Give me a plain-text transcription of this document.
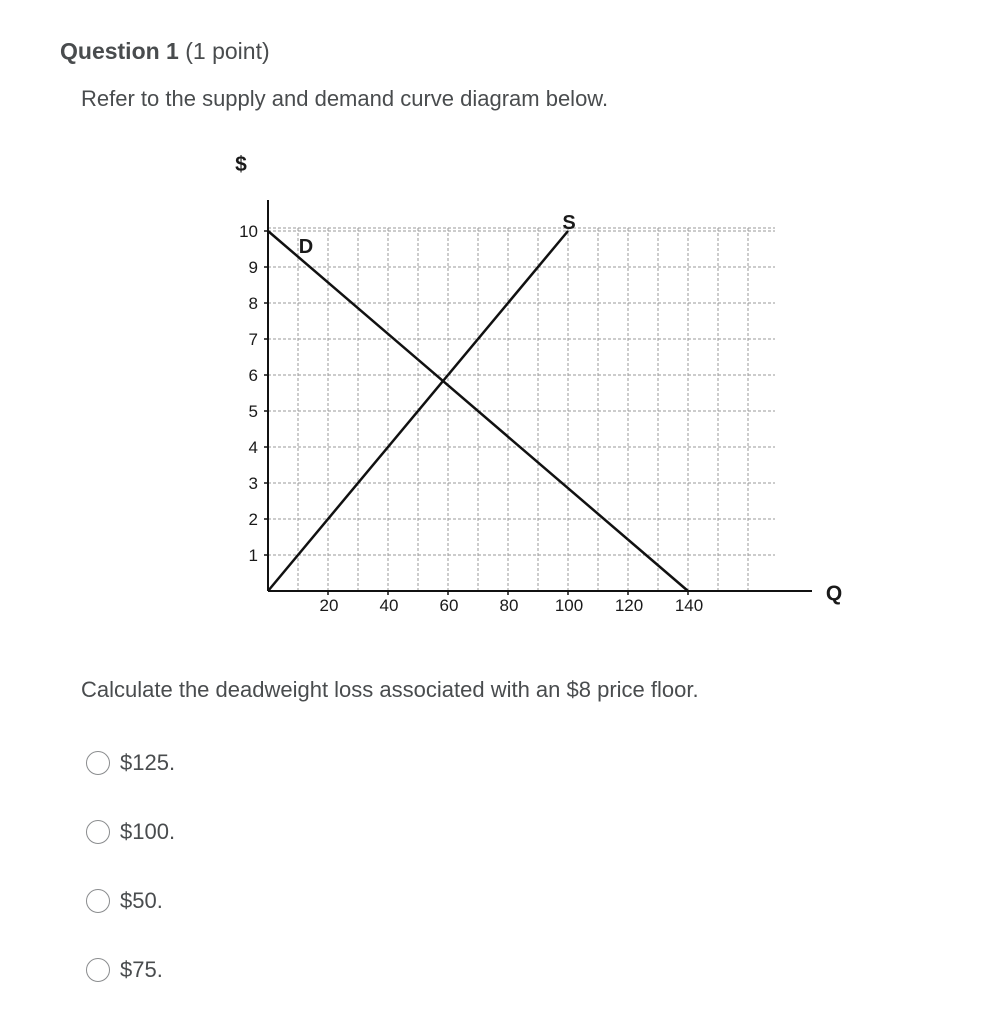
Question 1 (1 point)
Refer to the supply and demand curve diagram below.
1
2
3
4
5
6
7
8
9
10
20 40 60 80 100 120 140
D
S
$
Q
Calculate the deadweight loss associated with an $8 price floor.
$125.
$100.
$50.
$75.
